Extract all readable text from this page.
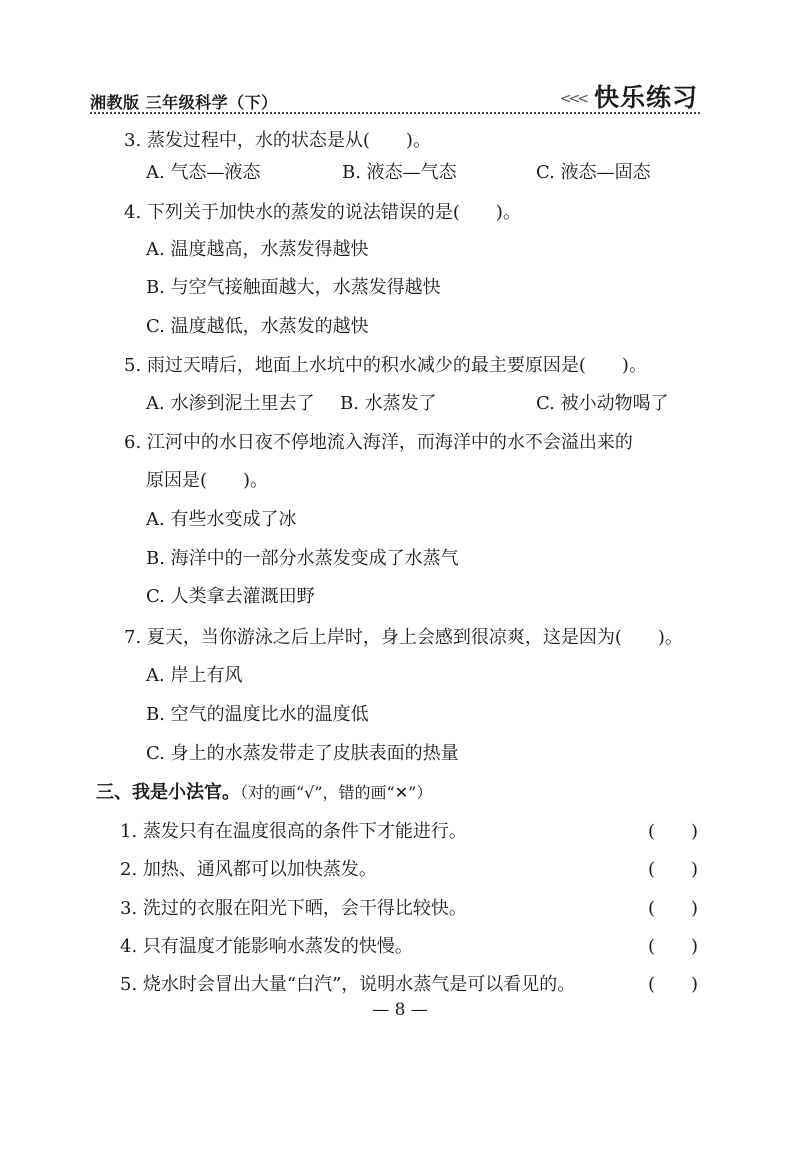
湘教版 三年级科学（下）	<<< 快乐练习
3. 蒸发过程中，水的状态是从(　　)。
A. 气态—液态	B. 液态—气态	C. 液态—固态
4. 下列关于加快水的蒸发的说法错误的是(　　)。
A. 温度越高，水蒸发得越快
B. 与空气接触面越大，水蒸发得越快
C. 温度越低，水蒸发的越快
5. 雨过天晴后，地面上水坑中的积水减少的最主要原因是(　　)。
A. 水渗到泥土里去了 B. 水蒸发了	C. 被小动物喝了
6. 江河中的水日夜不停地流入海洋，而海洋中的水不会溢出来的
原因是(　　)。
A. 有些水变成了冰
B. 海洋中的一部分水蒸发变成了水蒸气
C. 人类拿去灌溉田野
7. 夏天，当你游泳之后上岸时，身上会感到很凉爽，这是因为(　　)。
A. 岸上有风
B. 空气的温度比水的温度低
C. 身上的水蒸发带走了皮肤表面的热量
三、我是小法官。（对的画“√”，错的画“✕”）
1. 蒸发只有在温度很高的条件下才能进行。	(　　)
2. 加热、通风都可以加快蒸发。	(　　)
3. 洗过的衣服在阳光下晒，会干得比较快。	(　　)
4. 只有温度才能影响水蒸发的快慢。	(　　)
5. 烧水时会冒出大量“白汽”，说明水蒸气是可以看见的。	(　　)
— 8 —
